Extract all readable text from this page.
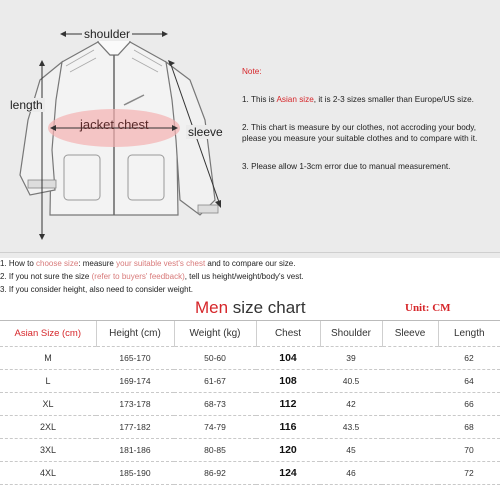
shoulder
length
jacket chest	sleeve
Note:
1. This is Asian size, it is 2-3 sizes smaller than Europe/US size.
2. This chart is measure by our clothes, not accroding your body, please you measure your suitable clothes and to compare with it.
3. Please allow 1-3cm error due to manual measurement.
1. How to choose size: measure your suitable vest's chest and to compare our size.
2. If you not sure the size (refer to buyers' feedback), tell us height/weight/body's vest.
3. If you consider height, also need to consider weight.
Men size chart	Unit: CM
Asian Size (cm)	Height (cm)	Weight (kg)	Chest	Shoulder	Sleeve	Length
M	165-170	50-60	104	39		62
L	169-174	61-67	108	40.5		64
XL	173-178	68-73	112	42		66
2XL	177-182	74-79	116	43.5		68
3XL	181-186	80-85	120	45		70
4XL	185-190	86-92	124	46		72
